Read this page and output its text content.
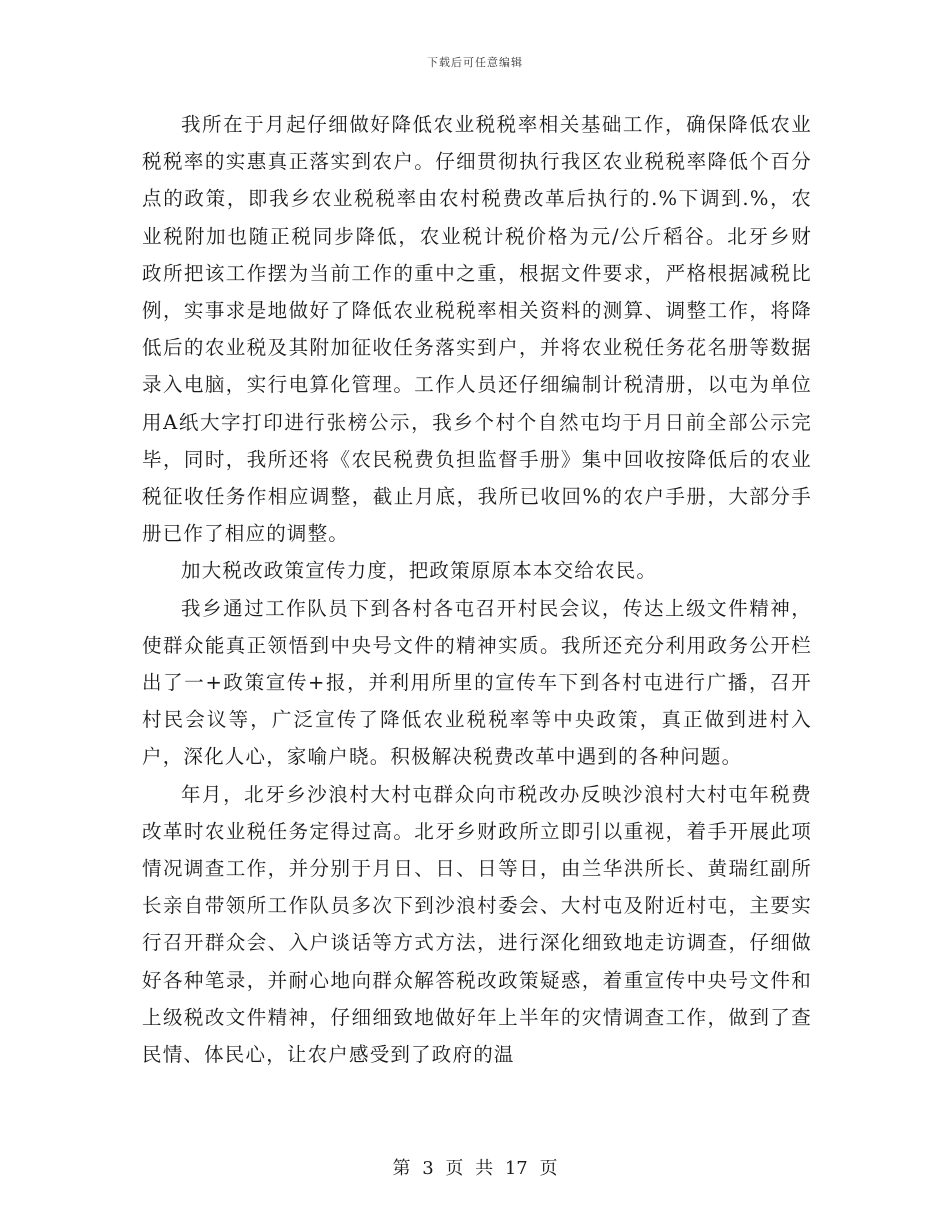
下载后可任意编辑

我所在于月起仔细做好降低农业税税率相关基础工作，确保降低农业税税率的实惠真正落实到农户。仔细贯彻执行我区农业税税率降低个百分点的政策，即我乡农业税税率由农村税费改革后执行的.%下调到.%，农业税附加也随正税同步降低，农业税计税价格为元/公斤稻谷。北牙乡财政所把该工作摆为当前工作的重中之重，根据文件要求，严格根据减税比例，实事求是地做好了降低农业税税率相关资料的测算、调整工作，将降低后的农业税及其附加征收任务落实到户，并将农业税任务花名册等数据录入电脑，实行电算化管理。工作人员还仔细编制计税清册，以屯为单位用A纸大字打印进行张榜公示，我乡个村个自然屯均于月日前全部公示完毕，同时，我所还将《农民税费负担监督手册》集中回收按降低后的农业税征收任务作相应调整，截止月底，我所已收回%的农户手册，大部分手册已作了相应的调整。

加大税改政策宣传力度，把政策原原本本交给农民。

我乡通过工作队员下到各村各屯召开村民会议，传达上级文件精神，使群众能真正领悟到中央号文件的精神实质。我所还充分利用政务公开栏出了一+政策宣传+报，并利用所里的宣传车下到各村屯进行广播，召开村民会议等，广泛宣传了降低农业税税率等中央政策，真正做到进村入户，深化人心，家喻户晓。积极解决税费改革中遇到的各种问题。

年月，北牙乡沙浪村大村屯群众向市税改办反映沙浪村大村屯年税费改革时农业税任务定得过高。北牙乡财政所立即引以重视，着手开展此项情况调查工作，并分别于月日、日、日等日，由兰华洪所长、黄瑞红副所长亲自带领所工作队员多次下到沙浪村委会、大村屯及附近村屯，主要实行召开群众会、入户谈话等方式方法，进行深化细致地走访调查，仔细做好各种笔录，并耐心地向群众解答税改政策疑惑，着重宣传中央号文件和上级税改文件精神，仔细细致地做好年上半年的灾情调查工作，做到了查民情、体民心，让农户感受到了政府的温

第 3 页 共 17 页
